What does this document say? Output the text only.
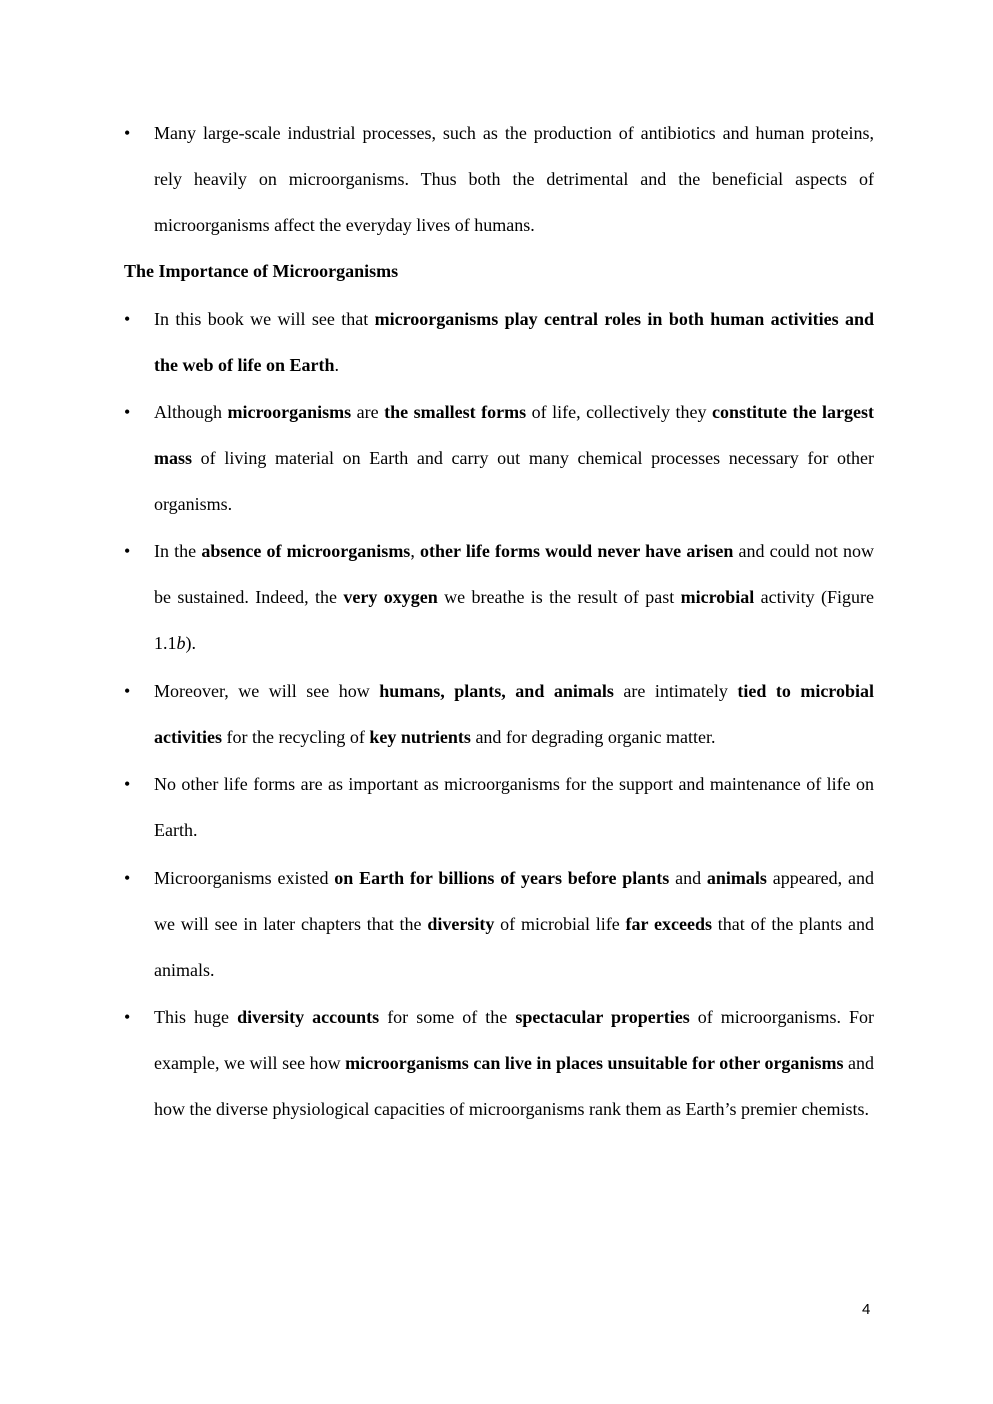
• Many large-scale industrial processes, such as the production of antibiotics and human proteins, rely heavily on microorganisms. Thus both the detrimental and the beneficial aspects of microorganisms affect the everyday lives of humans.
The Importance of Microorganisms
• In this book we will see that microorganisms play central roles in both human activities and the web of life on Earth.
• Although microorganisms are the smallest forms of life, collectively they constitute the largest mass of living material on Earth and carry out many chemical processes necessary for other organisms.
• In the absence of microorganisms, other life forms would never have arisen and could not now be sustained. Indeed, the very oxygen we breathe is the result of past microbial activity (Figure 1.1b).
• Moreover, we will see how humans, plants, and animals are intimately tied to microbial activities for the recycling of key nutrients and for degrading organic matter.
• No other life forms are as important as microorganisms for the support and maintenance of life on Earth.
• Microorganisms existed on Earth for billions of years before plants and animals appeared, and we will see in later chapters that the diversity of microbial life far exceeds that of the plants and animals.
• This huge diversity accounts for some of the spectacular properties of microorganisms. For example, we will see how microorganisms can live in places unsuitable for other organisms and how the diverse physiological capacities of microorganisms rank them as Earth’s premier chemists.
4
